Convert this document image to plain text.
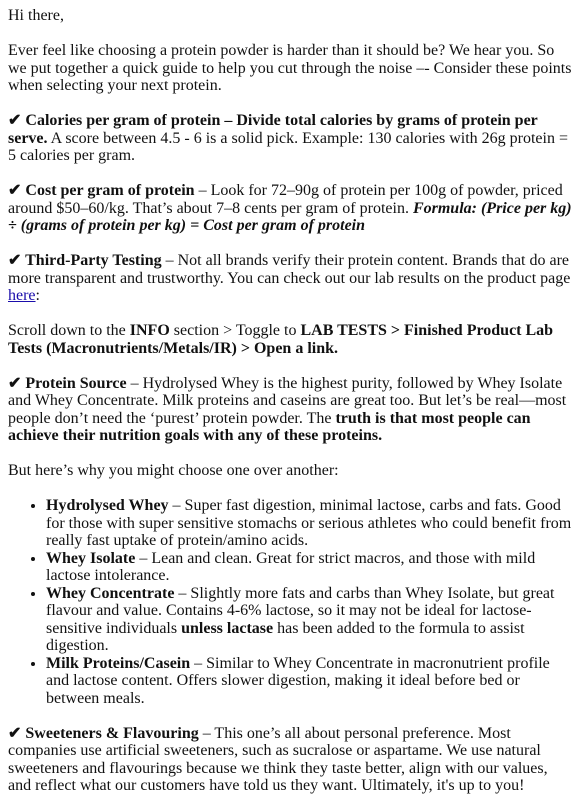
Hi there,

Ever feel like choosing a protein powder is harder than it should be? We hear you. So we put together a quick guide to help you cut through the noise –- Consider these points when selecting your next protein.

✔ Calories per gram of protein – Divide total calories by grams of protein per serve. A score between 4.5 - 6 is a solid pick. Example: 130 calories with 26g protein = 5 calories per gram.

✔ Cost per gram of protein – Look for 72–90g of protein per 100g of powder, priced around $50–60/kg. That’s about 7–8 cents per gram of protein. Formula: (Price per kg) ÷ (grams of protein per kg) = Cost per gram of protein

✔ Third-Party Testing – Not all brands verify their protein content. Brands that do are more transparent and trustworthy. You can check out our lab results on the product page here:

Scroll down to the INFO section > Toggle to LAB TESTS > Finished Product Lab Tests (Macronutrients/Metals/IR) > Open a link.

✔ Protein Source – Hydrolysed Whey is the highest purity, followed by Whey Isolate and Whey Concentrate. Milk proteins and caseins are great too. But let’s be real—most people don’t need the ‘purest’ protein powder. The truth is that most people can achieve their nutrition goals with any of these proteins.

But here’s why you might choose one over another:

• Hydrolysed Whey – Super fast digestion, minimal lactose, carbs and fats. Good for those with super sensitive stomachs or serious athletes who could benefit from really fast uptake of protein/amino acids.
• Whey Isolate – Lean and clean. Great for strict macros, and those with mild lactose intolerance.
• Whey Concentrate – Slightly more fats and carbs than Whey Isolate, but great flavour and value. Contains 4-6% lactose, so it may not be ideal for lactose-sensitive individuals unless lactase has been added to the formula to assist digestion.
• Milk Proteins/Casein – Similar to Whey Concentrate in macronutrient profile and lactose content. Offers slower digestion, making it ideal before bed or between meals.

✔ Sweeteners & Flavouring – This one’s all about personal preference. Most companies use artificial sweeteners, such as sucralose or aspartame. We use natural sweeteners and flavourings because we think they taste better, align with our values, and reflect what our customers have told us they want. Ultimately, it's up to you!
